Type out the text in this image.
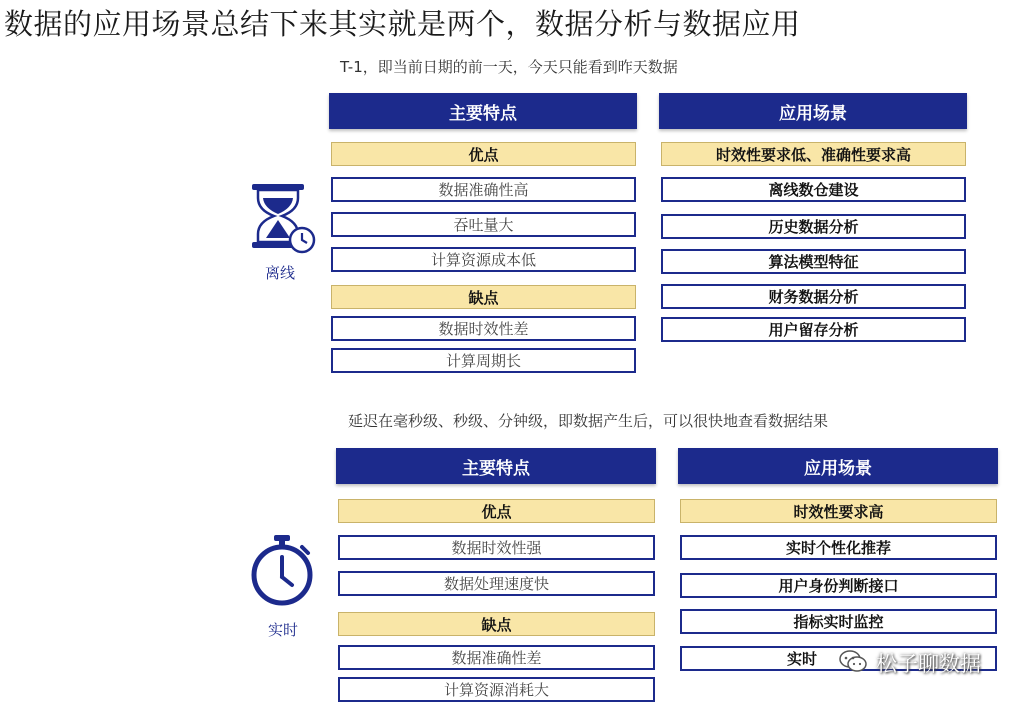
数据的应用场景总结下来其实就是两个，数据分析与数据应用
T-1，即当前日期的前一天，今天只能看到昨天数据
离线
主要特点	应用场景
优点
数据准确性高
吞吐量大
计算资源成本低
缺点
数据时效性差
计算周期长
时效性要求低、准确性要求高
离线数仓建设
历史数据分析
算法模型特征
财务数据分析
用户留存分析
延迟在毫秒级、秒级、分钟级，即数据产生后，可以很快地查看数据结果
实时
主要特点	应用场景
优点
数据时效性强
数据处理速度快
缺点
数据准确性差
计算资源消耗大
时效性要求高
实时个性化推荐
用户身份判断接口
指标实时监控
实时	松子聊数据
